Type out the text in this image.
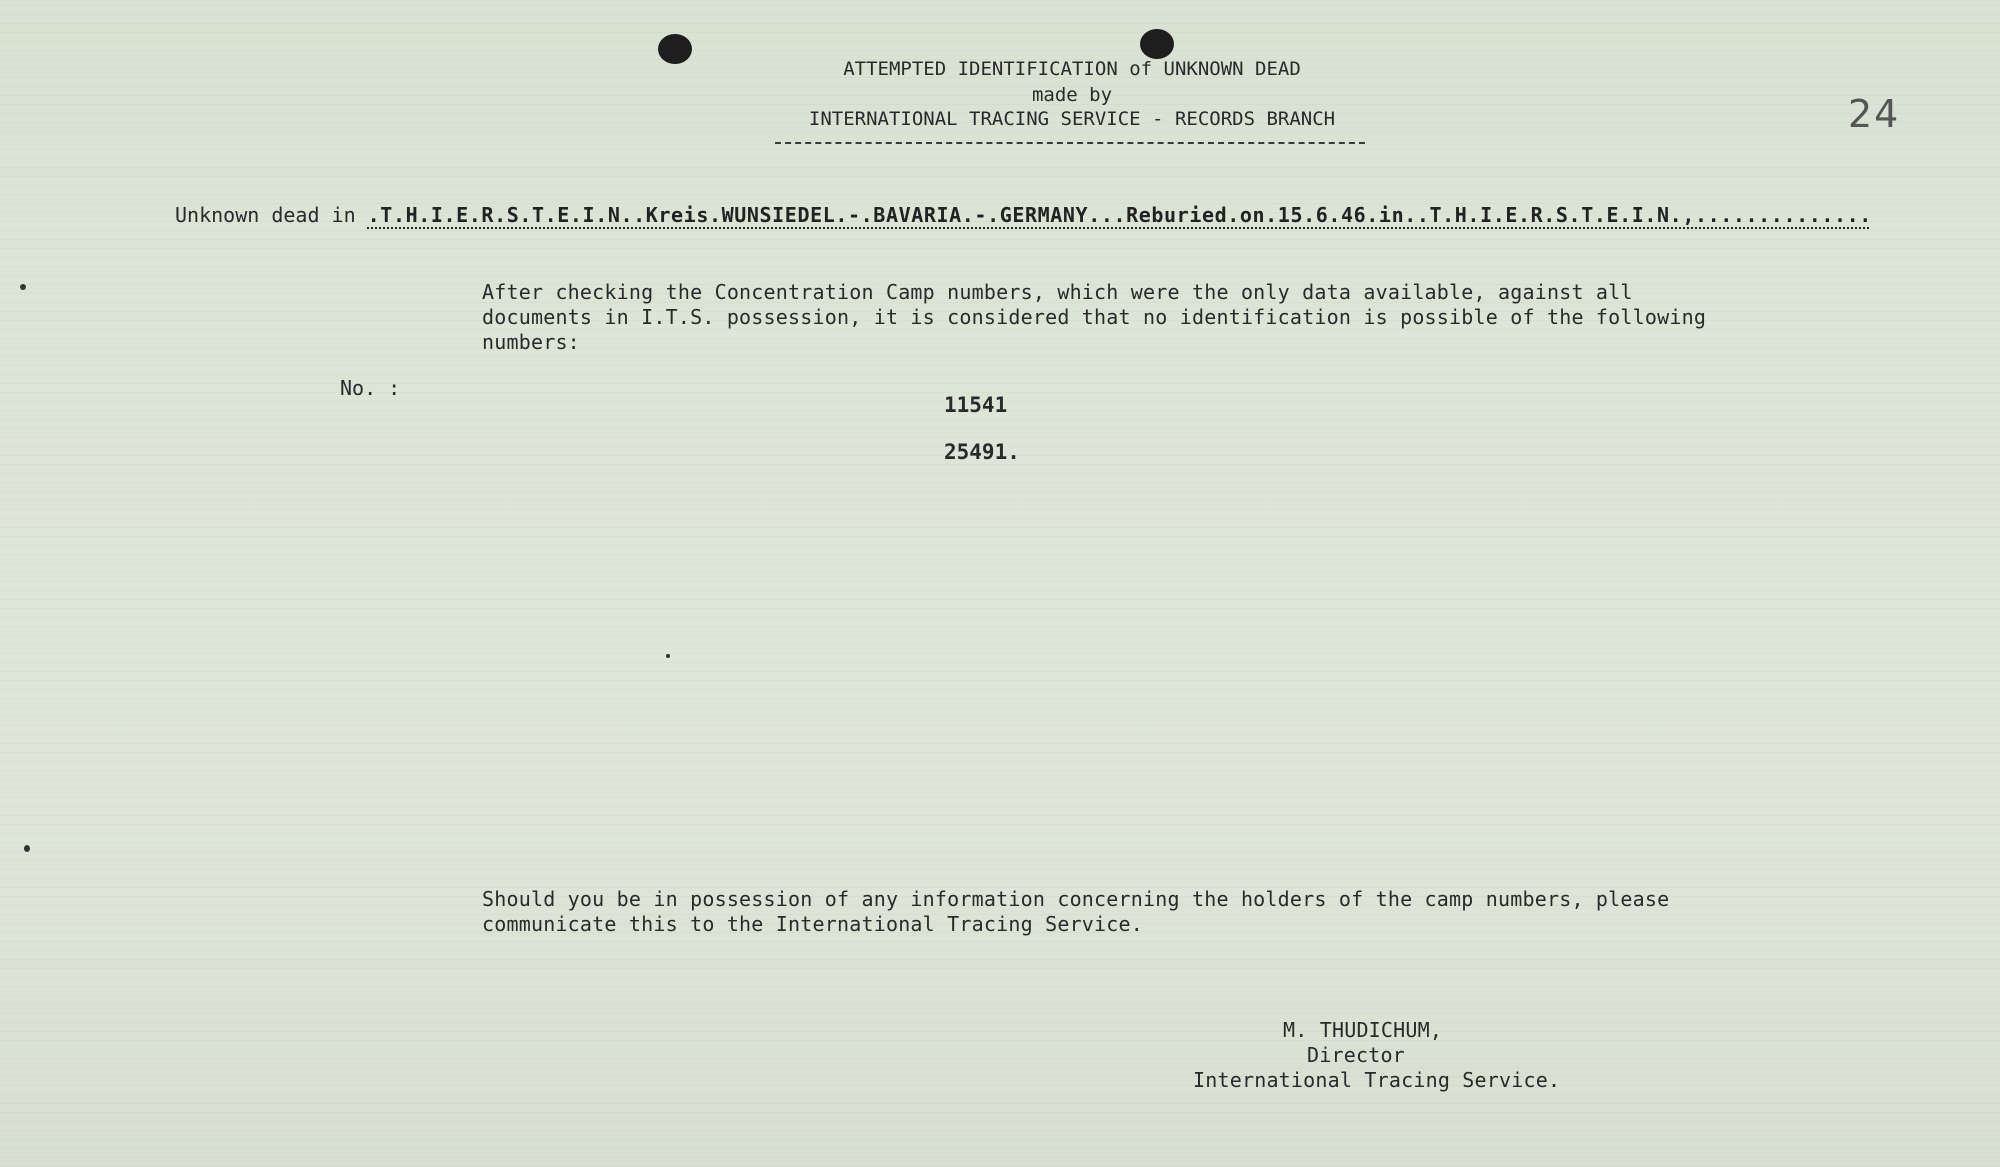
ATTEMPTED IDENTIFICATION of UNKNOWN DEAD
made by
INTERNATIONAL TRACING SERVICE - RECORDS BRANCH	24
Unknown dead in .T.H.I.E.R.S.T.E.I.N..Kreis.WUNSIEDEL.-.BAVARIA.-.GERMANY...Reburied.on.15.6.46.in..T.H.I.E.R.S.T.E.I.N.,..............
After checking the Concentration Camp numbers, which were the only data available, against all documents in I.T.S. possession, it is considered that no identification is possible of the following numbers:
No. :
11541
25491.
Should you be in possession of any information concerning the holders of the camp numbers, please communicate this to the International Tracing Service.
M. THUDICHUM,
Director
International Tracing Service.
